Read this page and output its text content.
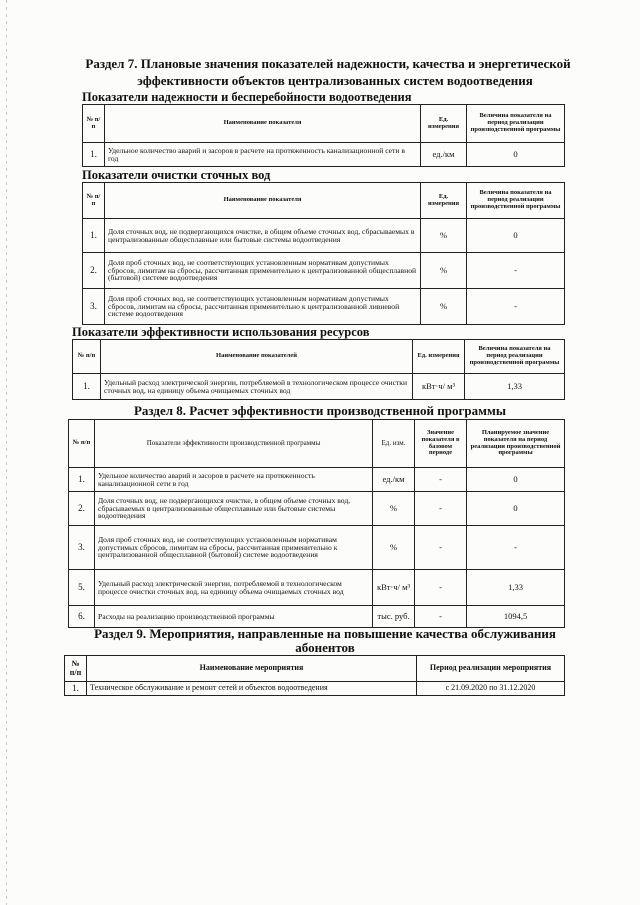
Раздел 7. Плановые значения показателей надежности, качества и энергетической
эффективности объектов централизованных систем водоотведения
Показатели надежности и бесперебойности водоотведения
№ п/п	Наименование показателя	Ед. измерения	Величина показателя на период реализации производственной программы
1.	Удельное количество аварий и засоров в расчете на протяженность канализационной сети в год	ед./км	0
Показатели очистки сточных вод
№ п/п	Наименование показателя	Ед. измерения	Величина показателя на период реализации производственной программы
1.	Доля сточных вод, не подвергающихся очистке, в общем объеме сточных вод, сбрасываемых в централизованные общесплавные или бытовые системы водоотведения	%	0
2.	Доля проб сточных вод, не соответствующих установленным нормативам допустимых сбросов, лимитам на сбросы, рассчитанная применительно к централизованной общесплавной (бытовой) системе водоотведения	%	-
3.	Доля проб сточных вод, не соответствующих установленным нормативам допустимых сбросов, лимитам на сбросы, рассчитанная применительно к централизованной ливневой системе водоотведения	%	-
Показатели эффективности использования ресурсов
№ п/п	Наименование показателей	Ед. измерения	Величина показателя на период реализации производственной программы
1.	Удельный расход электрической энергии, потребляемой в технологическом процессе очистки сточных вод, на единицу объема очищаемых сточных вод	кВт·ч/ м³	1,33
Раздел 8. Расчет эффективности производственной программы
№ п/п	Показатели эффективности производственной программы	Ед. изм.	Значение показателя в базовом периоде	Планируемое значение показателя на период реализации производственной программы
1.	Удельное количество аварий и засоров в расчете на протяженность канализационной сети в год	ед./км	-	0
2.	Доля сточных вод, не подвергающихся очистке, в общем объеме сточных вод, сбрасываемых в централизованные общесплавные или бытовые системы водоотведения	%	-	0
3.	Доля проб сточных вод, не соответствующих установленным нормативам допустимых сбросов, лимитам на сбросы, рассчитанная применительно к централизованной общесплавной (бытовой) системе водоотведения	%	-	-
5.	Удельный расход электрической энергии, потребляемой в технологическом процессе очистки сточных вод, на единицу объема очищаемых сточных вод	кВт·ч/ м³	-	1,33
6.	Расходы на реализацию производственной программы	тыс. руб.	-	1094,5
Раздел 9. Мероприятия, направленные на повышение качества обслуживания
абонентов
№ п/п	Наименование мероприятия	Период реализации мероприятия
1.	Техническое обслуживание и ремонт сетей и объектов водоотведения	с 21.09.2020 по 31.12.2020
